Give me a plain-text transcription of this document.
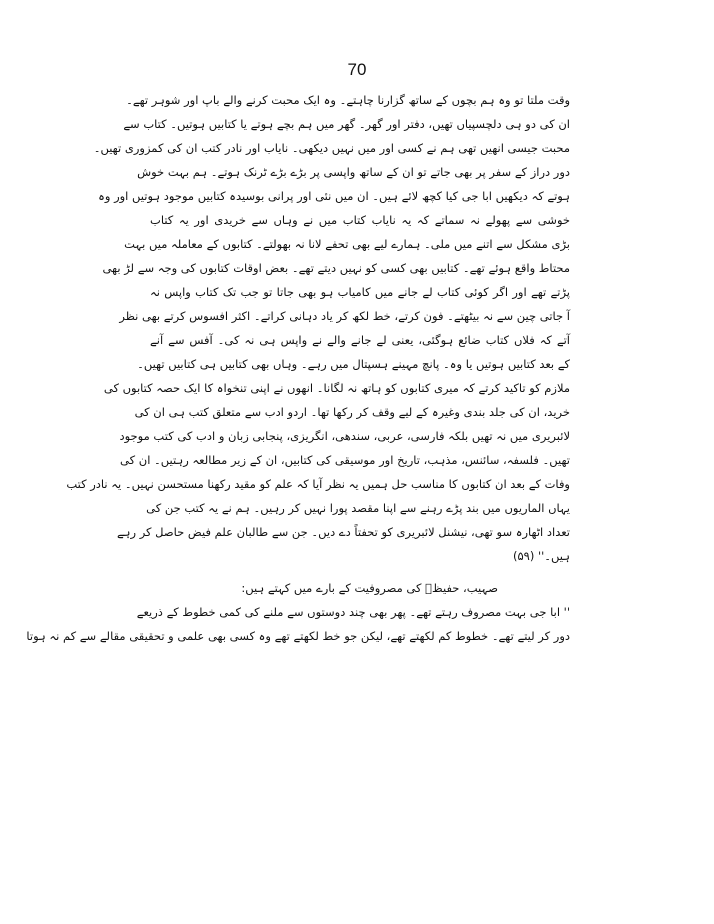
70
وقت ملتا تو وہ ہم بچوں کے ساتھ گزارنا چاہتے۔ وہ ایک محبت کرنے والے باپ اور شوہر تھے۔
ان کی دو ہی دلچسپیاں تھیں، دفتر اور گھر۔ گھر میں ہم بچے ہوتے یا کتابیں ہوتیں۔ کتاب سے
محبت جیسی انھیں تھی ہم نے کسی اور میں نہیں دیکھی۔ نایاب اور نادر کتب ان کی کمزوری تھیں۔
دور دراز کے سفر پر بھی جاتے تو ان کے ساتھ واپسی پر بڑے بڑے ٹرنک ہوتے۔ ہم بہت خوش
ہوتے کہ دیکھیں ابا جی کیا کچھ لائے ہیں۔ ان میں نئی اور پرانی بوسیدہ کتابیں موجود ہوتیں اور وہ
خوشی سے پھولے نہ سماتے کہ یہ نایاب کتاب میں نے وہاں سے خریدی اور یہ کتاب
بڑی مشکل سے اتنے میں ملی۔ ہمارے لیے بھی تحفے لانا نہ بھولتے۔ کتابوں کے معاملہ میں بہت
محتاط واقع ہوئے تھے۔ کتابیں بھی کسی کو نہیں دیتے تھے۔ بعض اوقات کتابوں کی وجہ سے لڑ بھی
پڑتے تھے اور اگر کوئی کتاب لے جانے میں کامیاب ہو بھی جاتا تو جب تک کتاب واپس نہ
آ جاتی چین سے نہ بیٹھتے۔ فون کرتے، خط لکھ کر یاد دہانی کراتے۔ اکثر افسوس کرتے بھی نظر
آتے کہ فلاں کتاب ضائع ہوگئی، یعنی لے جانے والے نے واپس ہی نہ کی۔ آفس سے آنے
کے بعد کتابیں ہوتیں یا وہ۔ پانچ مہینے ہسپتال میں رہے۔ وہاں بھی کتابیں ہی کتابیں تھیں۔
ملازم کو تاکید کرتے کہ میری کتابوں کو ہاتھ نہ لگانا۔ انھوں نے اپنی تنخواہ کا ایک حصہ کتابوں کی
خرید، ان کی جلد بندی وغیرہ کے لیے وقف کر رکھا تھا۔ اردو ادب سے متعلق کتب ہی ان کی
لائبریری میں نہ تھیں بلکہ فارسی، عربی، سندھی، انگریزی، پنجابی زبان و ادب کی کتب موجود
تھیں۔ فلسفہ، سائنس، مذہب، تاریخ اور موسیقی کی کتابیں، ان کے زیر مطالعہ رہتیں۔ ان کی
وفات کے بعد ان کتابوں کا مناسب حل ہمیں یہ نظر آیا کہ علم کو مقید رکھنا مستحسن نہیں۔ یہ نادر کتب
یہاں الماریوں میں بند پڑے رہنے سے اپنا مقصد پورا نہیں کر رہیں۔ ہم نے یہ کتب جن کی
تعداد اٹھارہ سو تھی، نیشنل لائبریری کو تحفتاً دے دیں۔ جن سے طالبان علم فیض حاصل کر رہے
ہیں۔'' (۵۹)
صہیب، حفیظؔ کی مصروفیت کے بارے میں کہتے ہیں:
'' ابا جی بہت مصروف رہتے تھے۔ پھر بھی چند دوستوں سے ملنے کی کمی خطوط کے ذریعے
دور کر لیتے تھے۔ خطوط کم لکھتے تھے، لیکن جو خط لکھتے تھے وہ کسی بھی علمی و تحقیقی مقالے سے کم نہ ہوتا
